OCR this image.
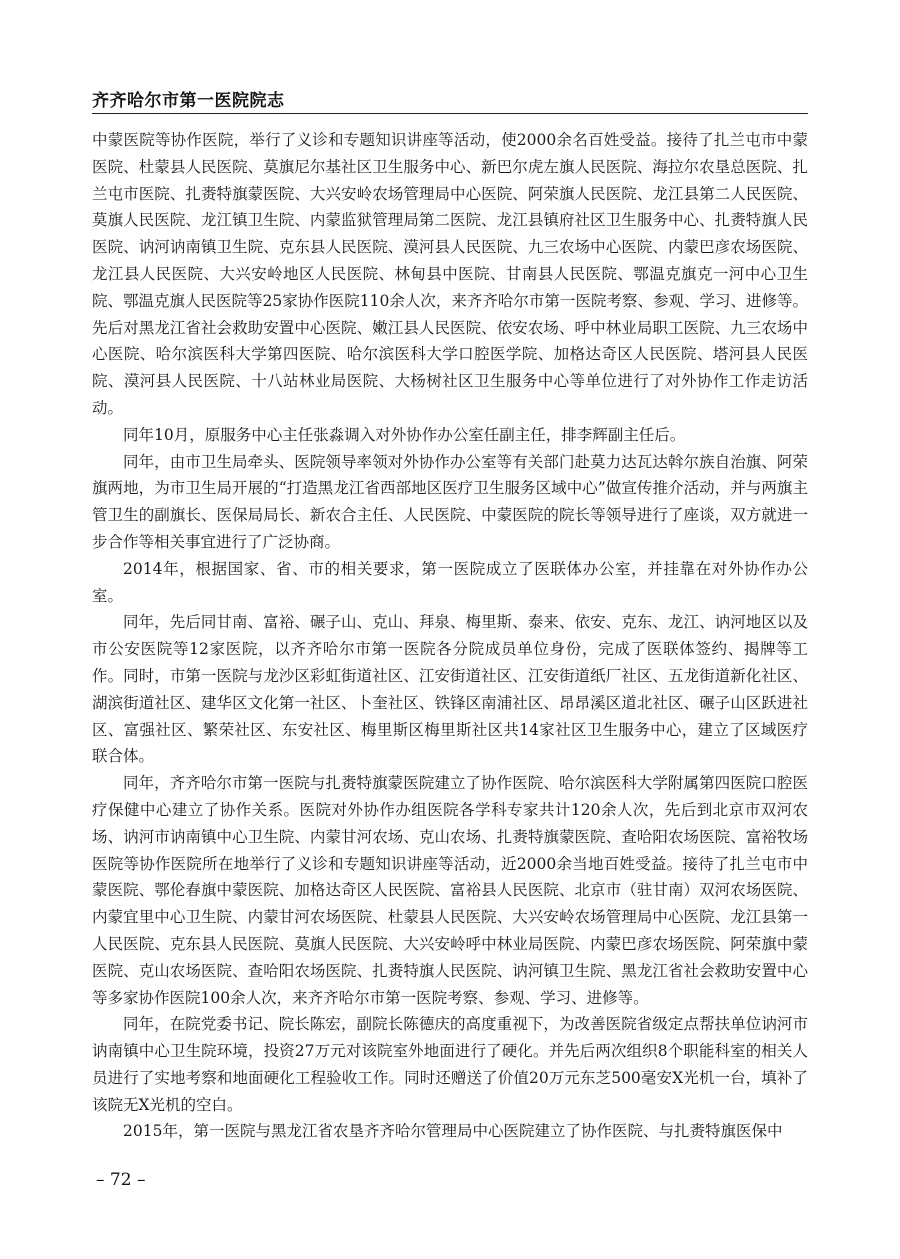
齐齐哈尔市第一医院院志

中蒙医院等协作医院，举行了义诊和专题知识讲座等活动，使2000余名百姓受益。接待了扎兰屯市中蒙医院、杜蒙县人民医院、莫旗尼尔基社区卫生服务中心、新巴尔虎左旗人民医院、海拉尔农垦总医院、扎兰屯市医院、扎赉特旗蒙医院、大兴安岭农场管理局中心医院、阿荣旗人民医院、龙江县第二人民医院、莫旗人民医院、龙江镇卫生院、内蒙监狱管理局第二医院、龙江县镇府社区卫生服务中心、扎赉特旗人民医院、讷河讷南镇卫生院、克东县人民医院、漠河县人民医院、九三农场中心医院、内蒙巴彦农场医院、龙江县人民医院、大兴安岭地区人民医院、林甸县中医院、甘南县人民医院、鄂温克旗克一河中心卫生院、鄂温克旗人民医院等25家协作医院110余人次，来齐齐哈尔市第一医院考察、参观、学习、进修等。先后对黑龙江省社会救助安置中心医院、嫩江县人民医院、依安农场、呼中林业局职工医院、九三农场中心医院、哈尔滨医科大学第四医院、哈尔滨医科大学口腔医学院、加格达奇区人民医院、塔河县人民医院、漠河县人民医院、十八站林业局医院、大杨树社区卫生服务中心等单位进行了对外协作工作走访活动。

同年10月，原服务中心主任张淼调入对外协作办公室任副主任，排李辉副主任后。

同年，由市卫生局牵头、医院领导率领对外协作办公室等有关部门赴莫力达瓦达斡尔族自治旗、阿荣旗两地，为市卫生局开展的“打造黑龙江省西部地区医疗卫生服务区域中心”做宣传推介活动，并与两旗主管卫生的副旗长、医保局局长、新农合主任、人民医院、中蒙医院的院长等领导进行了座谈，双方就进一步合作等相关事宜进行了广泛协商。

2014年，根据国家、省、市的相关要求，第一医院成立了医联体办公室，并挂靠在对外协作办公室。

同年，先后同甘南、富裕、碾子山、克山、拜泉、梅里斯、泰来、依安、克东、龙江、讷河地区以及市公安医院等12家医院，以齐齐哈尔市第一医院各分院成员单位身份，完成了医联体签约、揭牌等工作。同时，市第一医院与龙沙区彩虹街道社区、江安街道社区、江安街道纸厂社区、五龙街道新化社区、湖滨街道社区、建华区文化第一社区、卜奎社区、铁锋区南浦社区、昂昂溪区道北社区、碾子山区跃进社区、富强社区、繁荣社区、东安社区、梅里斯区梅里斯社区共14家社区卫生服务中心，建立了区域医疗联合体。

同年，齐齐哈尔市第一医院与扎赉特旗蒙医院建立了协作医院、哈尔滨医科大学附属第四医院口腔医疗保健中心建立了协作关系。医院对外协作办组医院各学科专家共计120余人次，先后到北京市双河农场、讷河市讷南镇中心卫生院、内蒙甘河农场、克山农场、扎赉特旗蒙医院、查哈阳农场医院、富裕牧场医院等协作医院所在地举行了义诊和专题知识讲座等活动，近2000余当地百姓受益。接待了扎兰屯市中蒙医院、鄂伦春旗中蒙医院、加格达奇区人民医院、富裕县人民医院、北京市（驻甘南）双河农场医院、内蒙宜里中心卫生院、内蒙甘河农场医院、杜蒙县人民医院、大兴安岭农场管理局中心医院、龙江县第一人民医院、克东县人民医院、莫旗人民医院、大兴安岭呼中林业局医院、内蒙巴彦农场医院、阿荣旗中蒙医院、克山农场医院、查哈阳农场医院、扎赉特旗人民医院、讷河镇卫生院、黑龙江省社会救助安置中心等多家协作医院100余人次，来齐齐哈尔市第一医院考察、参观、学习、进修等。

同年，在院党委书记、院长陈宏，副院长陈德庆的高度重视下，为改善医院省级定点帮扶单位讷河市讷南镇中心卫生院环境，投资27万元对该院室外地面进行了硬化。并先后两次组织8个职能科室的相关人员进行了实地考察和地面硬化工程验收工作。同时还赠送了价值20万元东芝500毫安X光机一台，填补了该院无X光机的空白。

2015年，第一医院与黑龙江省农垦齐齐哈尔管理局中心医院建立了协作医院、与扎赉特旗医保中

– 72 –
